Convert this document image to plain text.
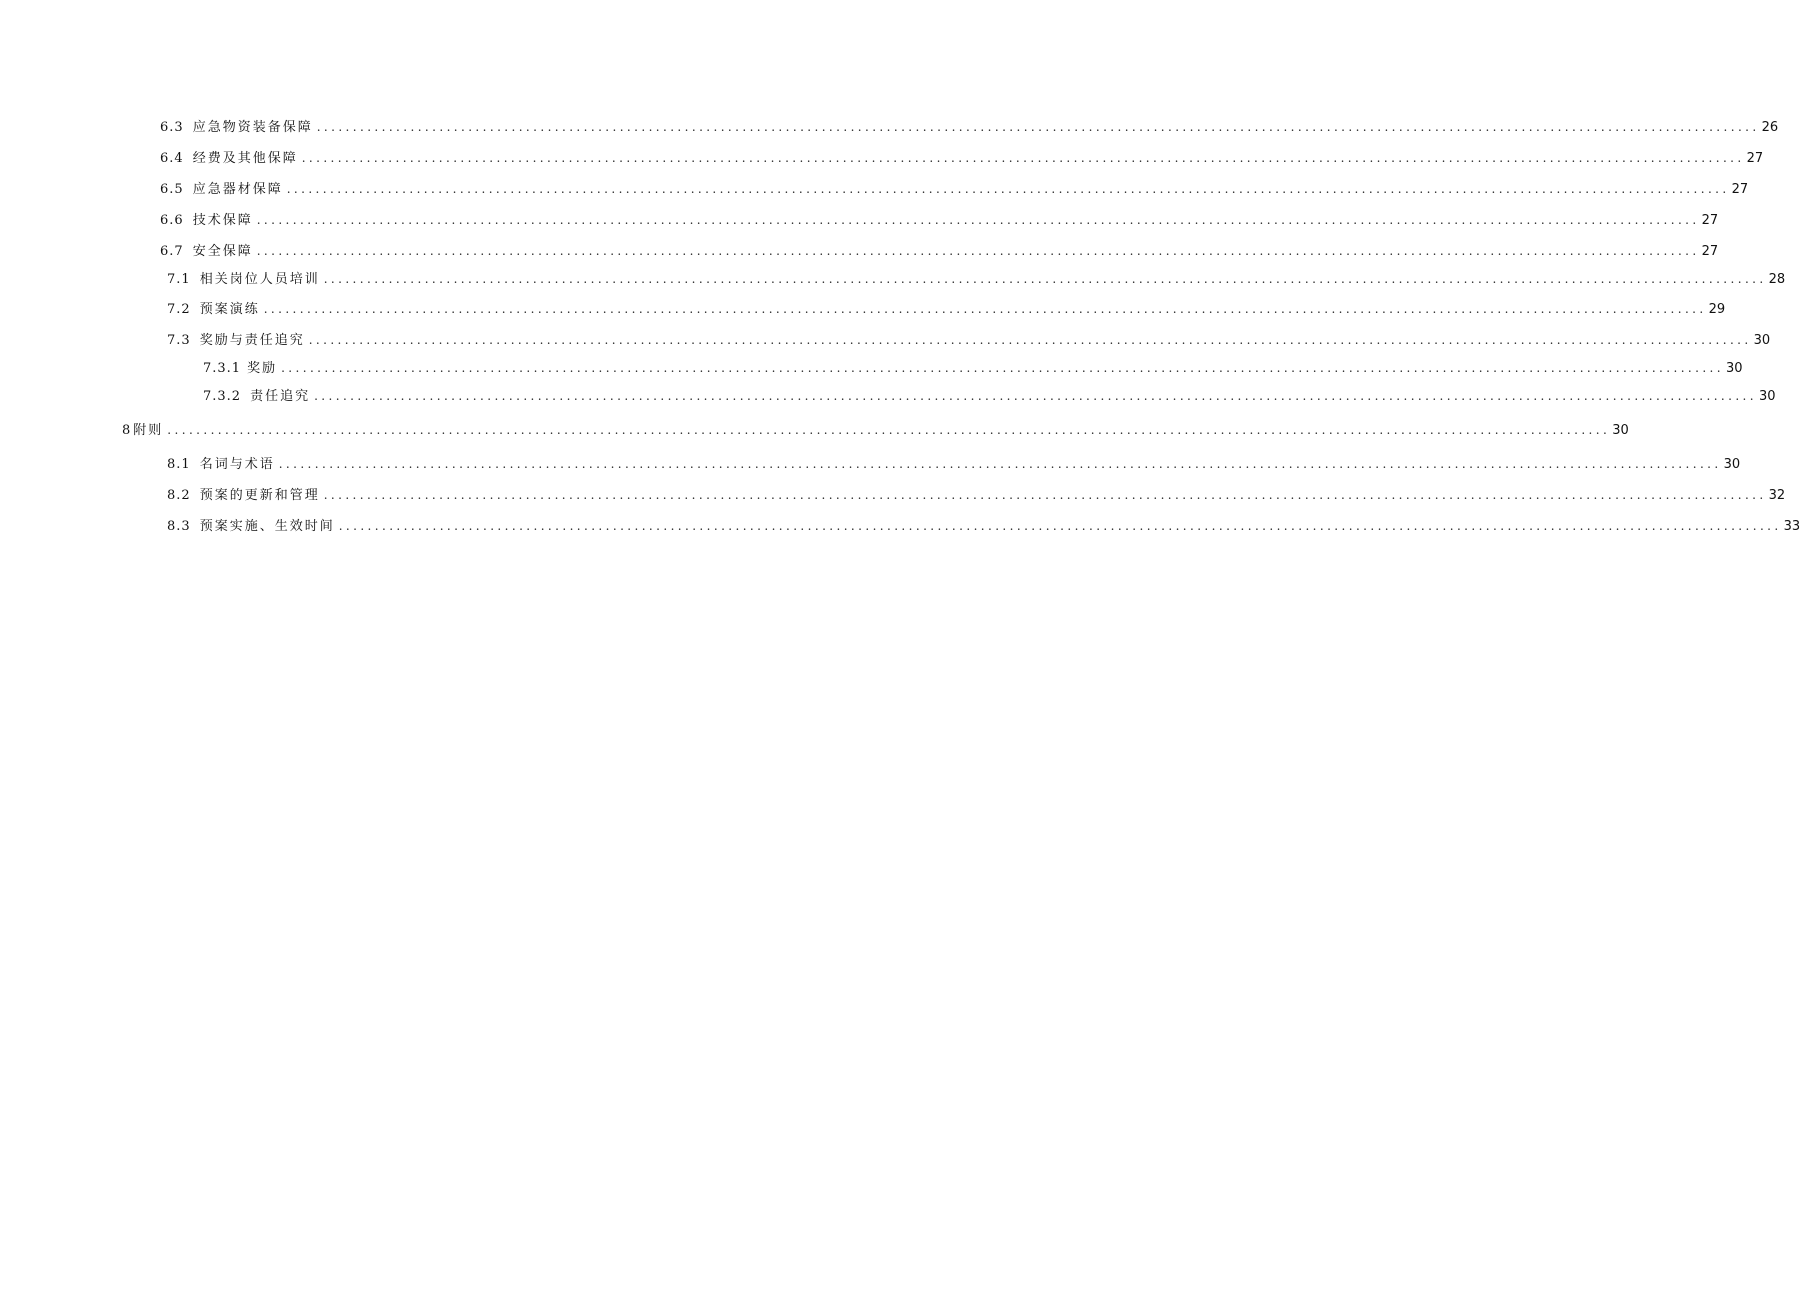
6.3 应急物资装备保障 ........................................................................................................................................................................................................ 26
6.4 经费及其他保障 ........................................................................................................................................................................................................ 27
6.5 应急器材保障 ........................................................................................................................................................................................................ 27
6.6 技术保障 ........................................................................................................................................................................................................ 27
6.7 安全保障 ........................................................................................................................................................................................................ 27
7.1 相关岗位人员培训 ........................................................................................................................................................................................................ 28
7.2 预案演练 ........................................................................................................................................................................................................ 29
7.3 奖励与责任追究 ........................................................................................................................................................................................................ 30
7.3.1 奖励 ........................................................................................................................................................................................................ 30
7.3.2 责任追究 ........................................................................................................................................................................................................ 30
8 附则 ........................................................................................................................................................................................................ 30
8.1 名词与术语 ........................................................................................................................................................................................................ 30
8.2 预案的更新和管理 ........................................................................................................................................................................................................ 32
8.3 预案实施、生效时间 ........................................................................................................................................................................................................ 33
